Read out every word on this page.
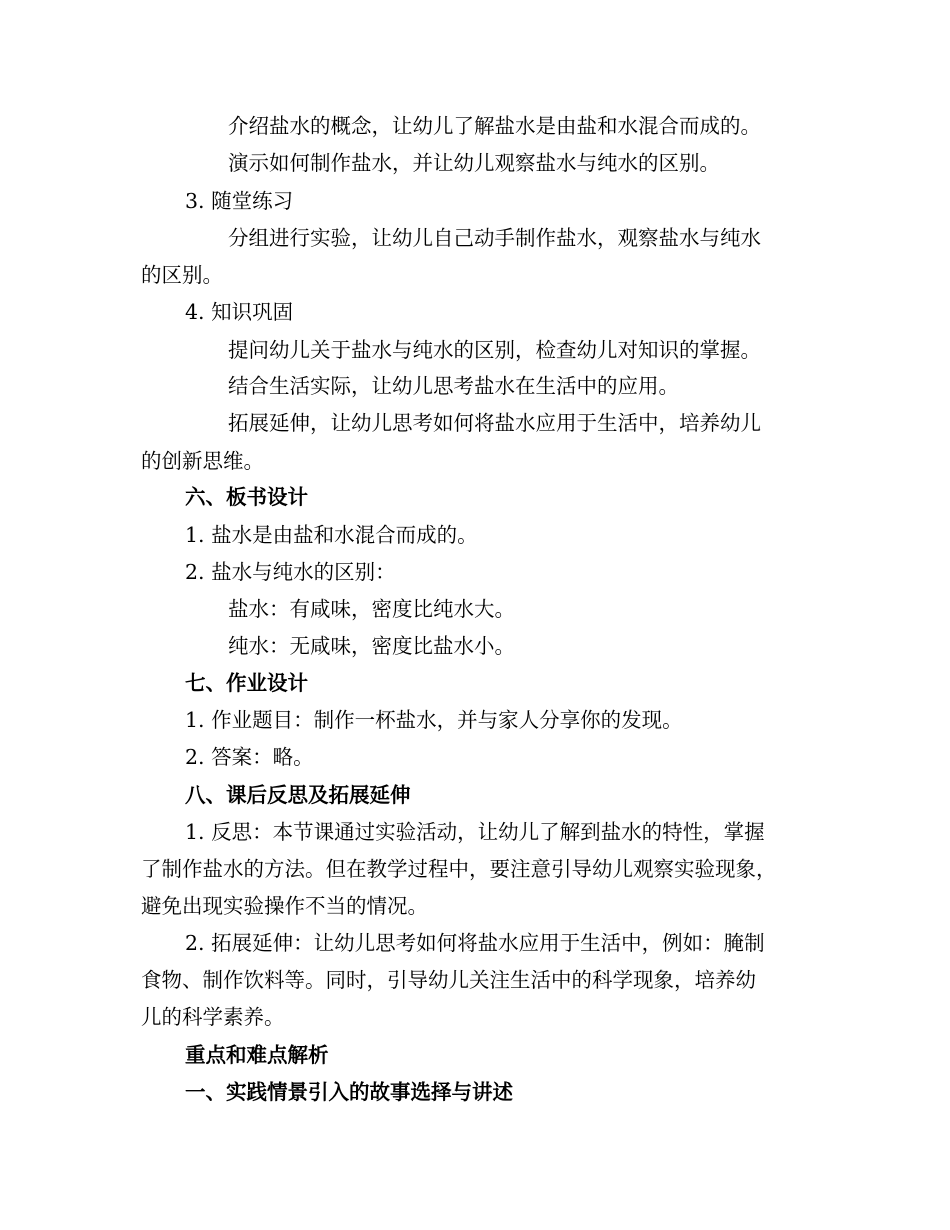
介绍盐水的概念，让幼儿了解盐水是由盐和水混合而成的。
演示如何制作盐水，并让幼儿观察盐水与纯水的区别。
3. 随堂练习
分组进行实验，让幼儿自己动手制作盐水，观察盐水与纯水
的区别。
4. 知识巩固
提问幼儿关于盐水与纯水的区别，检查幼儿对知识的掌握。
结合生活实际，让幼儿思考盐水在生活中的应用。
拓展延伸，让幼儿思考如何将盐水应用于生活中，培养幼儿
的创新思维。
六、板书设计
1. 盐水是由盐和水混合而成的。
2. 盐水与纯水的区别：
盐水：有咸味，密度比纯水大。
纯水：无咸味，密度比盐水小。
七、作业设计
1. 作业题目：制作一杯盐水，并与家人分享你的发现。
2. 答案：略。
八、课后反思及拓展延伸
1. 反思：本节课通过实验活动，让幼儿了解到盐水的特性，掌握
了制作盐水的方法。但在教学过程中，要注意引导幼儿观察实验现象，
避免出现实验操作不当的情况。
2. 拓展延伸：让幼儿思考如何将盐水应用于生活中，例如：腌制
食物、制作饮料等。同时，引导幼儿关注生活中的科学现象，培养幼
儿的科学素养。
重点和难点解析
一、实践情景引入的故事选择与讲述
